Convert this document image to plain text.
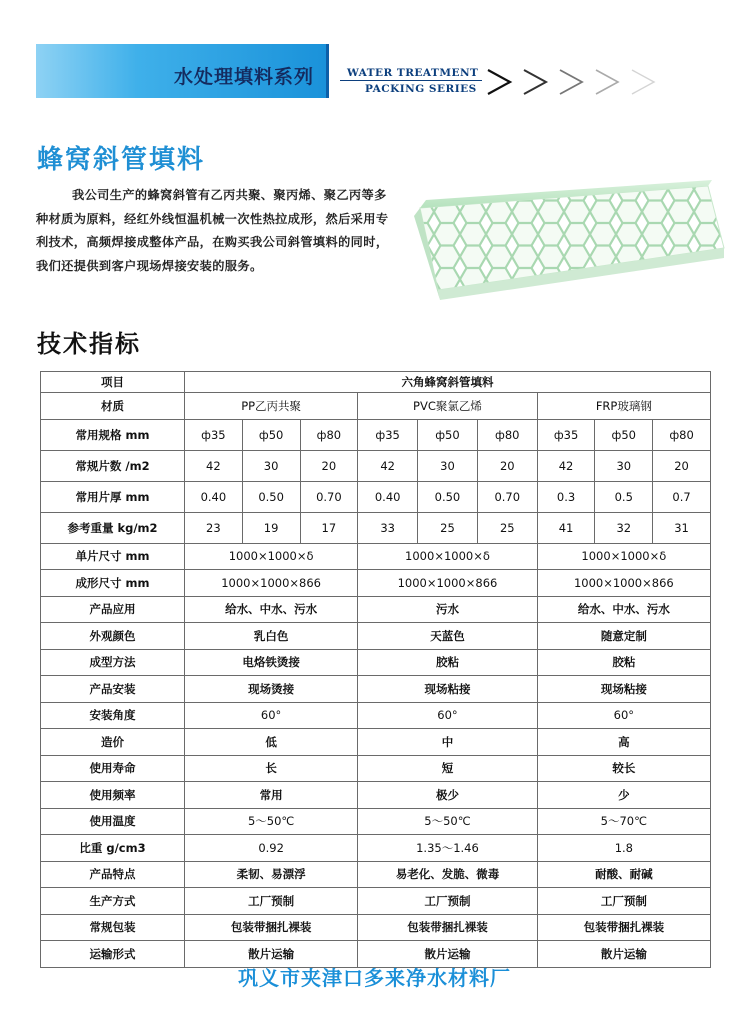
水处理填料系列	WATER TREATMENT
PACKING SERIES
蜂窝斜管填料

我公司生产的蜂窝斜管有乙丙共聚、聚丙烯、聚乙丙等多种材质为原料，经红外线恒温机械一次性热拉成形，然后采用专利技术，高频焊接成整体产品，在购买我公司斜管填料的同时，我们还提供到客户现场焊接安装的服务。

技术指标
项目	六角蜂窝斜管填料								
材质	PP乙丙共聚			PVC聚氯乙烯			FRP玻璃钢		
常用规格 mm	ф35	ф50	ф80	ф35	ф50	ф80	ф35	ф50	ф80
常规片数 /m2	42	30	20	42	30	20	42	30	20
常用片厚 mm	0.40	0.50	0.70	0.40	0.50	0.70	0.3	0.5	0.7
参考重量 kg/m2	23	19	17	33	25	25	41	32	31
单片尺寸 mm	1000×1000×δ			1000×1000×δ			1000×1000×δ		
成形尺寸 mm	1000×1000×866			1000×1000×866			1000×1000×866		
产品应用	给水、中水、污水			污水			给水、中水、污水		
外观颜色	乳白色			天蓝色			随意定制		
成型方法	电烙铁烫接			胶粘			胶粘		
产品安装	现场烫接			现场粘接			现场粘接		
安装角度	60°			60°			60°		
造价	低			中			高		
使用寿命	长			短			较长		
使用频率	常用			极少			少		
使用温度	5～50℃			5～50℃			5～70℃		
比重 g/cm3	0.92			1.35～1.46			1.8		
产品特点	柔韧、易漂浮			易老化、发脆、微毒			耐酸、耐碱		
生产方式	工厂预制			工厂预制			工厂预制		
常规包装	包装带捆扎裸装			包装带捆扎裸装			包装带捆扎裸装		
运输形式	散片运输			散片运输			散片运输		
巩义市夹津口多来净水材料厂
